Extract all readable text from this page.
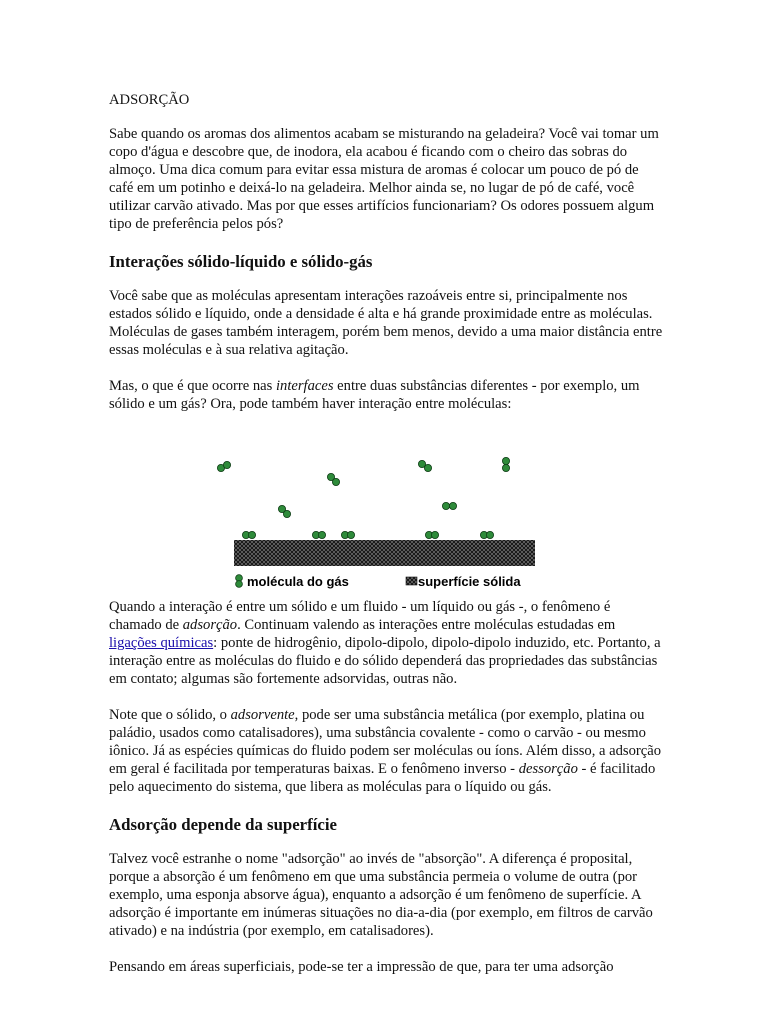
ADSORÇÃO

Sabe quando os aromas dos alimentos acabam se misturando na geladeira? Você vai tomar um copo d'água e descobre que, de inodora, ela acabou é ficando com o cheiro das sobras do almoço. Uma dica comum para evitar essa mistura de aromas é colocar um pouco de pó de café em um potinho e deixá-lo na geladeira. Melhor ainda se, no lugar de pó de café, você utilizar carvão ativado. Mas por que esses artifícios funcionariam? Os odores possuem algum tipo de preferência pelos pós?

Interações sólido-líquido e sólido-gás

Você sabe que as moléculas apresentam interações razoáveis entre si, principalmente nos estados sólido e líquido, onde a densidade é alta e há grande proximidade entre as moléculas. Moléculas de gases também interagem, porém bem menos, devido a uma maior distância entre essas moléculas e à sua relativa agitação.

Mas, o que é que ocorre nas interfaces entre duas substâncias diferentes - por exemplo, um sólido e um gás? Ora, pode também haver interação entre moléculas:

molécula do gás	superfície sólida

Quando a interação é entre um sólido e um fluido - um líquido ou gás -, o fenômeno é chamado de adsorção. Continuam valendo as interações entre moléculas estudadas em ligações químicas: ponte de hidrogênio, dipolo-dipolo, dipolo-dipolo induzido, etc. Portanto, a interação entre as moléculas do fluido e do sólido dependerá das propriedades das substâncias em contato; algumas são fortemente adsorvidas, outras não.

Note que o sólido, o adsorvente, pode ser uma substância metálica (por exemplo, platina ou paládio, usados como catalisadores), uma substância covalente - como o carvão - ou mesmo iônico. Já as espécies químicas do fluido podem ser moléculas ou íons. Além disso, a adsorção em geral é facilitada por temperaturas baixas. E o fenômeno inverso - dessorção - é facilitado pelo aquecimento do sistema, que libera as moléculas para o líquido ou gás.

Adsorção depende da superfície

Talvez você estranhe o nome "adsorção" ao invés de "absorção". A diferença é proposital, porque a absorção é um fenômeno em que uma substância permeia o volume de outra (por exemplo, uma esponja absorve água), enquanto a adsorção é um fenômeno de superfície. A adsorção é importante em inúmeras situações no dia-a-dia (por exemplo, em filtros de carvão ativado) e na indústria (por exemplo, em catalisadores).

Pensando em áreas superficiais, pode-se ter a impressão de que, para ter uma adsorção
